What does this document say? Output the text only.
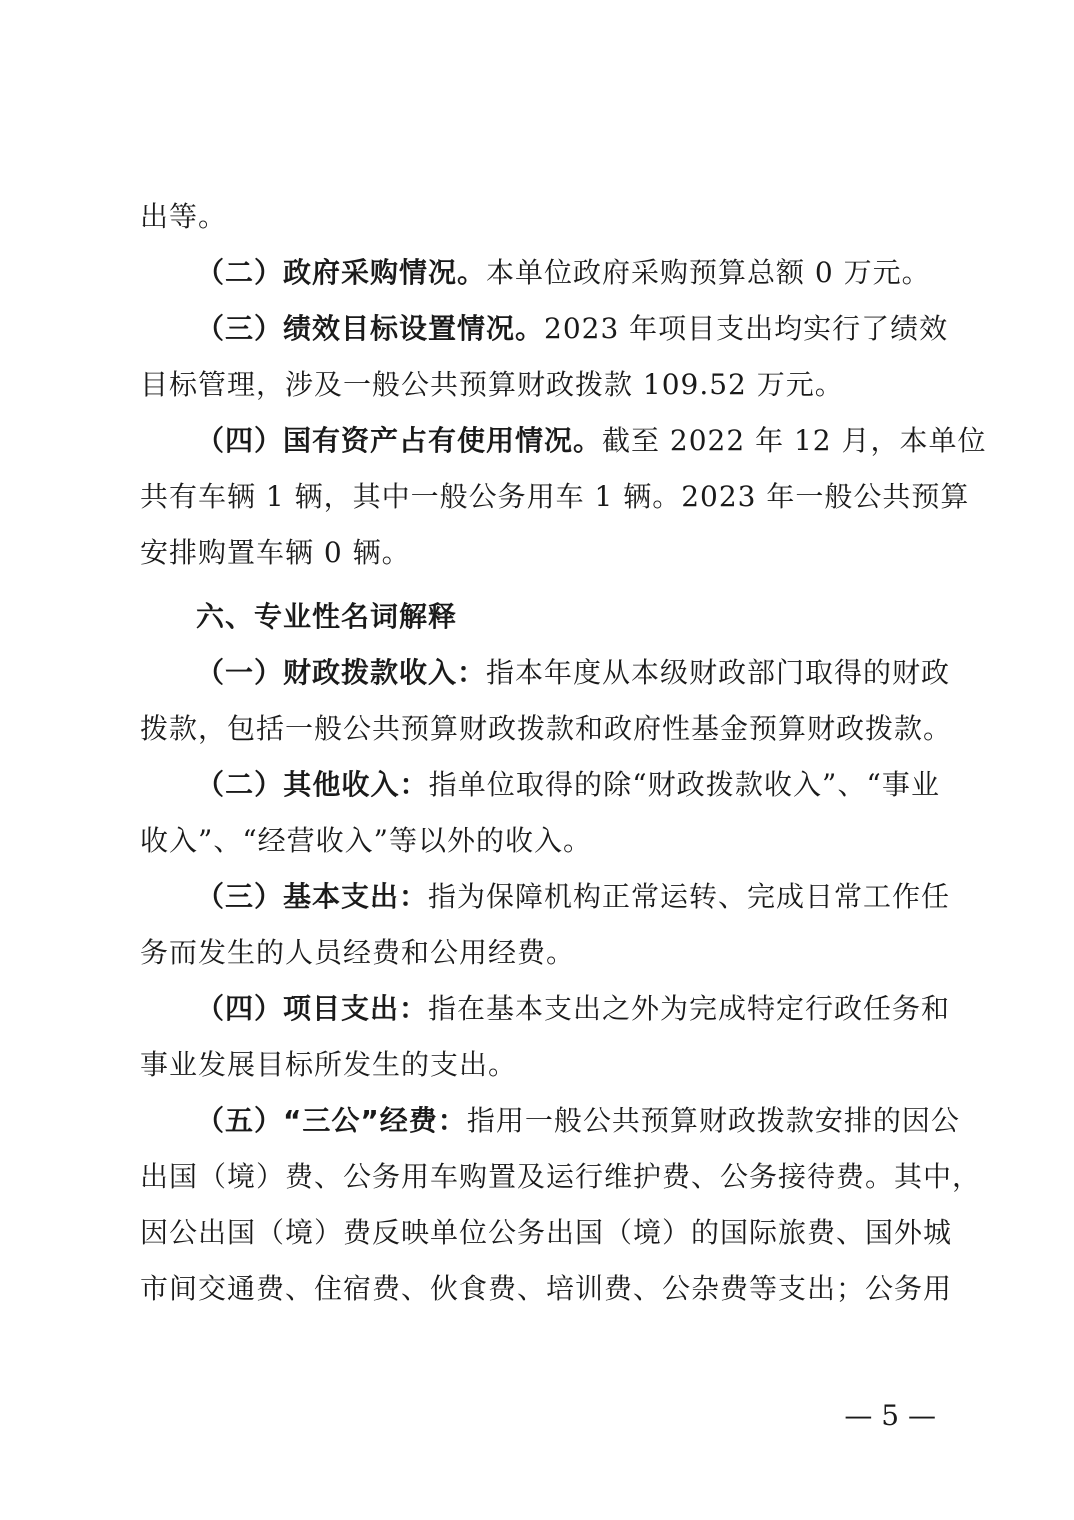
出等。
（二）政府采购情况。本单位政府采购预算总额 0 万元。
（三）绩效目标设置情况。2023 年项目支出均实行了绩效
目标管理，涉及一般公共预算财政拨款 109.52 万元。
（四）国有资产占有使用情况。截至 2022 年 12 月，本单位
共有车辆 1 辆，其中一般公务用车 1 辆。2023 年一般公共预算
安排购置车辆 0 辆。
六、专业性名词解释
（一）财政拨款收入：指本年度从本级财政部门取得的财政
拨款，包括一般公共预算财政拨款和政府性基金预算财政拨款。
（二）其他收入：指单位取得的除“财政拨款收入”、“事业
收入”、“经营收入”等以外的收入。
（三）基本支出：指为保障机构正常运转、完成日常工作任
务而发生的人员经费和公用经费。
（四）项目支出：指在基本支出之外为完成特定行政任务和
事业发展目标所发生的支出。
（五）“三公”经费：指用一般公共预算财政拨款安排的因公
出国（境）费、公务用车购置及运行维护费、公务接待费。其中，
因公出国（境）费反映单位公务出国（境）的国际旅费、国外城
市间交通费、住宿费、伙食费、培训费、公杂费等支出；公务用
— 5 —
